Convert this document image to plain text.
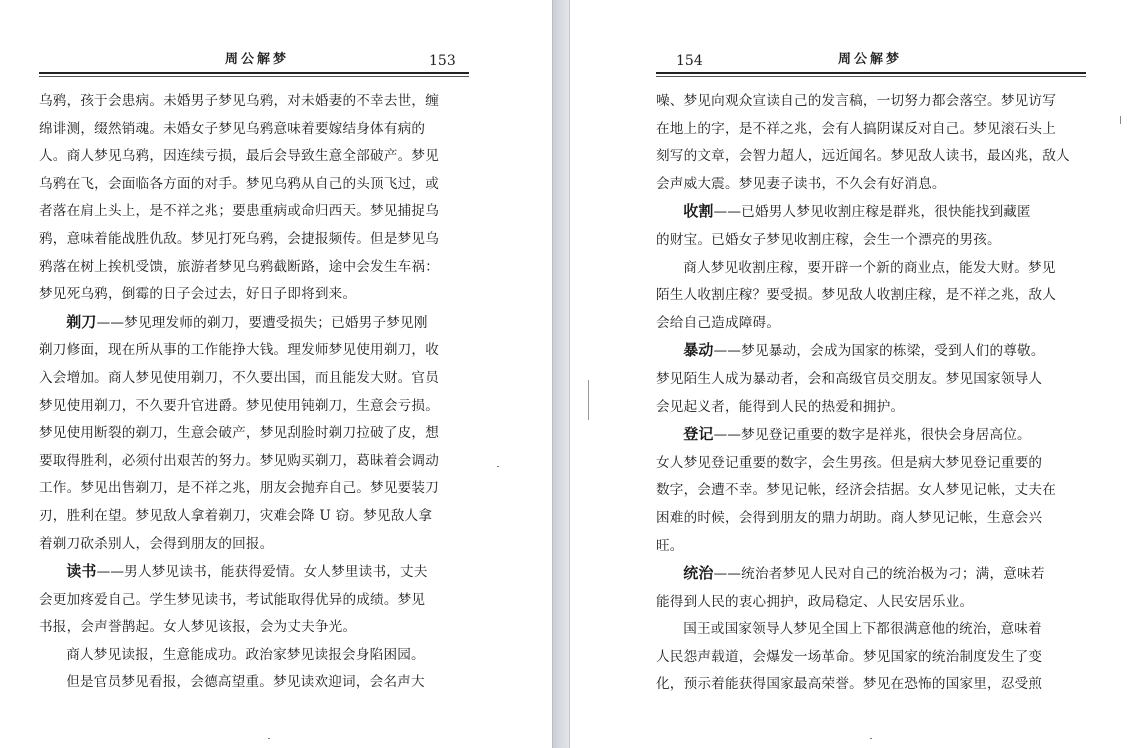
周公解梦	153
乌鸦，孩于会患病。未婚男子梦见乌鸦，对未婚妻的不幸去世，缠
绵诽测，缀然销魂。未婚女子梦见乌鸦意味着要嫁结身体有病的
人。商人梦见乌鸦，因连续亏损，最后会导致生意全部破产。梦见
乌鸦在飞，会面临各方面的对手。梦见乌鸦从自己的头顶飞过，或
者落在肩上头上，是不祥之兆；要患重病或命归西天。梦见捕捉乌
鸦，意味着能战胜仇敌。梦见打死乌鸦，会捷报频传。但是梦见乌
鸦落在树上挨机受馈，旅游者梦见乌鸦截断路，途中会发生车祸：
梦见死乌鸦，倒霉的日子会过去，好日子即将到来。
剃刀——梦见理发师的剃刀，要遭受损失；已婚男子梦见刚
剃刀修面，现在所从事的工作能挣大钱。理发师梦见使用剃刀，收
入会增加。商人梦见使用剃刀，不久要出国，而且能发大财。官员
梦见使用剃刀，不久要升官进爵。梦见使用钝剃刀，生意会亏损。
梦见使用断裂的剃刀，生意会破产，梦见刮脸时剃刀拉破了皮，想
要取得胜利，必须付出艰苦的努力。梦见购买剃刀，葛昧着会调动
工作。梦见出售剃刀，是不祥之兆，朋友会抛弃自己。梦见要装刀
刃，胜利在望。梦见敌人拿着剃刀，灾难会降 U 窃。梦见敌人拿
着剃刀砍杀别人，会得到朋友的回报。
读书——男人梦见读书，能获得爱情。女人梦里读书，丈夫
会更加疼爱自己。学生梦见读书，考试能取得优异的成绩。梦见
书报，会声誉鹊起。女人梦见该报，会为丈夫争光。
商人梦见读报，生意能成功。政治家梦见读报会身陷困园。
但是官员梦见看报，会德高望重。梦见读欢迎词，会名声大
154	周公解梦
噪、梦见向观众宣读自己的发言稿，一切努力都会落空。梦见访写
在地上的字，是不祥之兆，会有人搞阴谋反对自己。梦见滚石头上
刻写的文章，会智力超人，远近闻名。梦见敌人读书，最凶兆，敌人
会声威大震。梦见妻子读书，不久会有好消息。
收割——已婚男人梦见收割庄稼是群兆，很快能找到藏匿
的财宝。已婚女子梦见收割庄稼，会生一个漂亮的男孩。
商人梦见收割庄稼，要开辟一个新的商业点，能发大财。梦见
陌生人收割庄稼？要受损。梦见敌人收割庄稼，是不祥之兆，敌人
会给自己造成障碍。
暴动——梦见暴动，会成为国家的栋梁，受到人们的尊敬。
梦见陌生人成为暴动者，会和高级官员交朋友。梦见国家领导人
会见起义者，能得到人民的热爱和拥护。
登记——梦见登记重要的数字是祥兆，很快会身居高位。
女人梦见登记重要的数字，会生男孩。但是病大梦见登记重要的
数字，会遭不幸。梦见记帐，经济会拮据。女人梦见记帐，丈夫在
困难的时候，会得到朋友的鼎力胡助。商人梦见记帐，生意会兴
旺。
统治——统治者梦见人民对自己的统治极为刁；满，意味若
能得到人民的衷心拥护，政局稳定、人民安居乐业。
国王或国家领导人梦见全国上下都很满意他的统治，意味着
人民怨声载道，会爆发一场革命。梦见国家的统治制度发生了变
化，预示着能获得国家最高荣誉。梦见在恐怖的国家里，忍受煎
